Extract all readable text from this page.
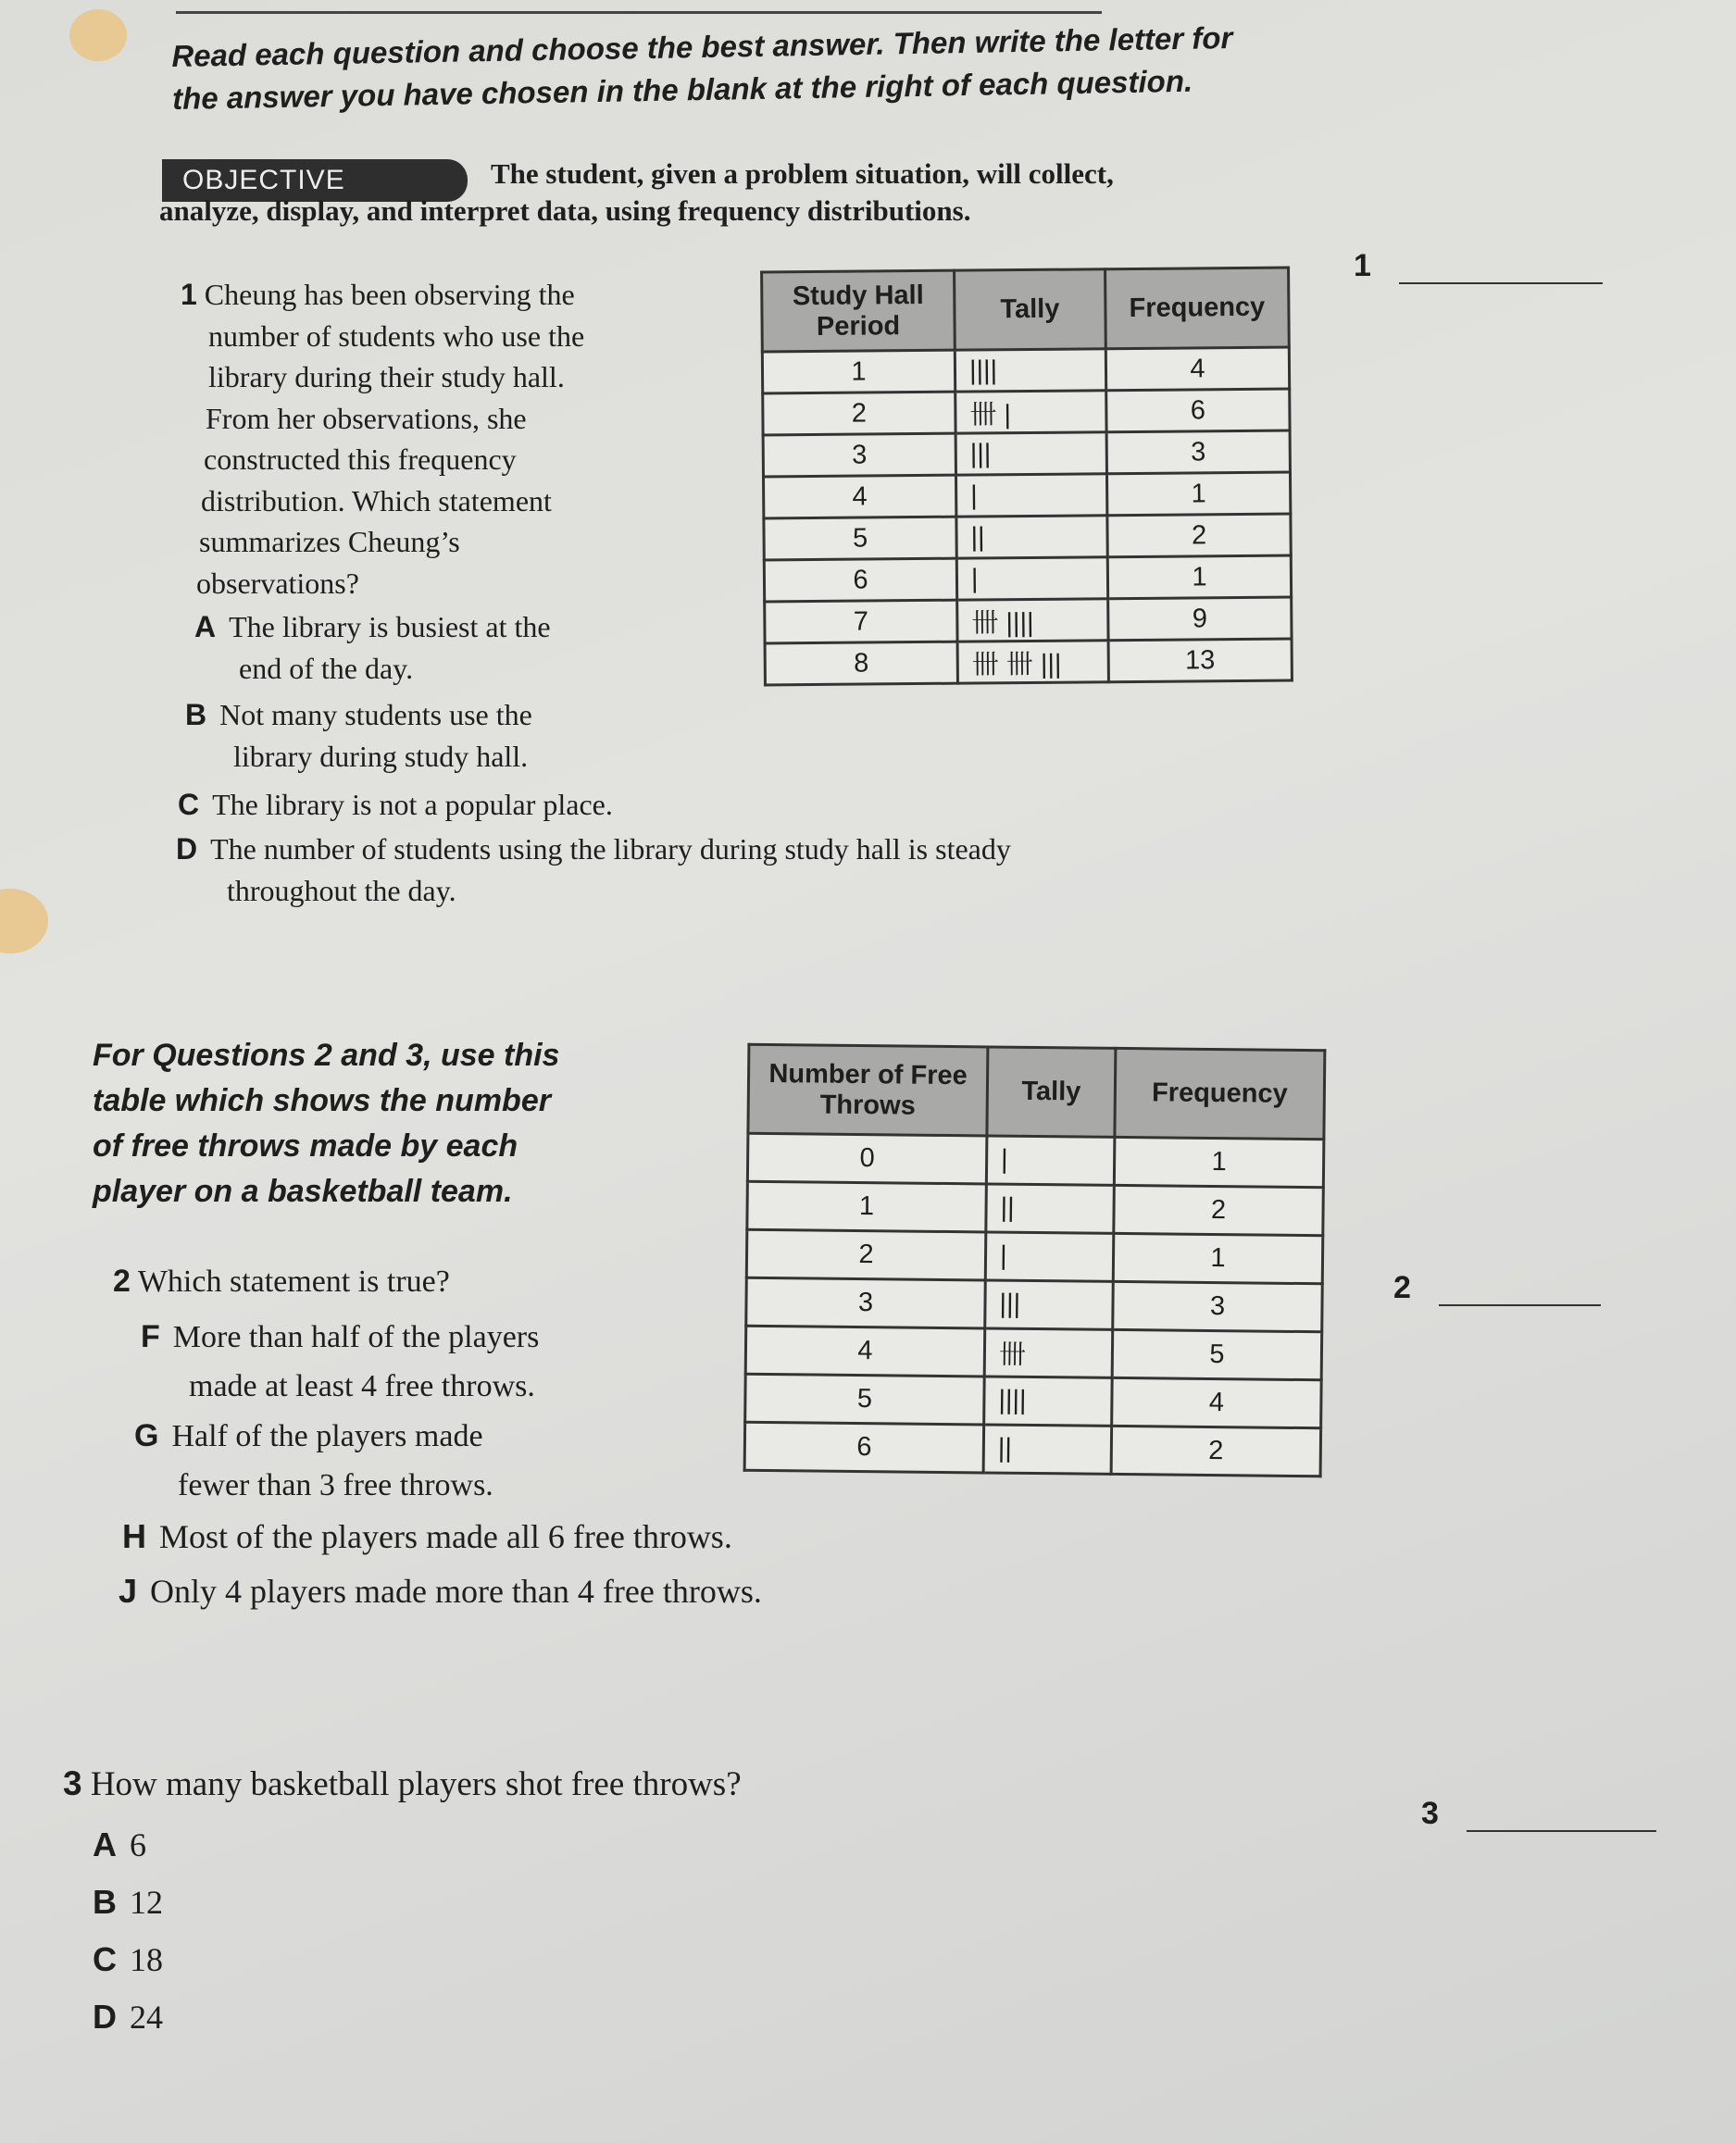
Read each question and choose the best answer. Then write the letter for
the answer you have chosen in the blank at the right of each question.
OBJECTIVE	The student, given a problem situation, will collect,
analyze, display, and interpret data, using frequency distributions.
1
1 Cheung has been observing the
number of students who use the
library during their study hall.
From her observations, she
constructed this frequency
distribution. Which statement
summarizes Cheung’s
observations?
A The library is busiest at the
end of the day.
B Not many students use the
library during study hall.
C The library is not a popular place.
D The number of students using the library during study hall is steady
throughout the day.
Study Hall Period	Tally	Frequency
1	||||	4
2	卌 |	6
3	|||	3
4	|	1
5	||	2
6	|	1
7	卌 ||||	9
8	卌 卌 |||	13
For Questions 2 and 3, use this
table which shows the number
of free throws made by each
player on a basketball team.
Number of Free Throws	Tally	Frequency
0	|	1
1	||	2
2	|	1
3	|||	3
4	卌	5
5	||||	4
6	||	2
2
2 Which statement is true?
F More than half of the players
made at least 4 free throws.
G Half of the players made
fewer than 3 free throws.
H Most of the players made all 6 free throws.
J Only 4 players made more than 4 free throws.
3 How many basketball players shot free throws?
3
A 6
B 12
C 18
D 24
